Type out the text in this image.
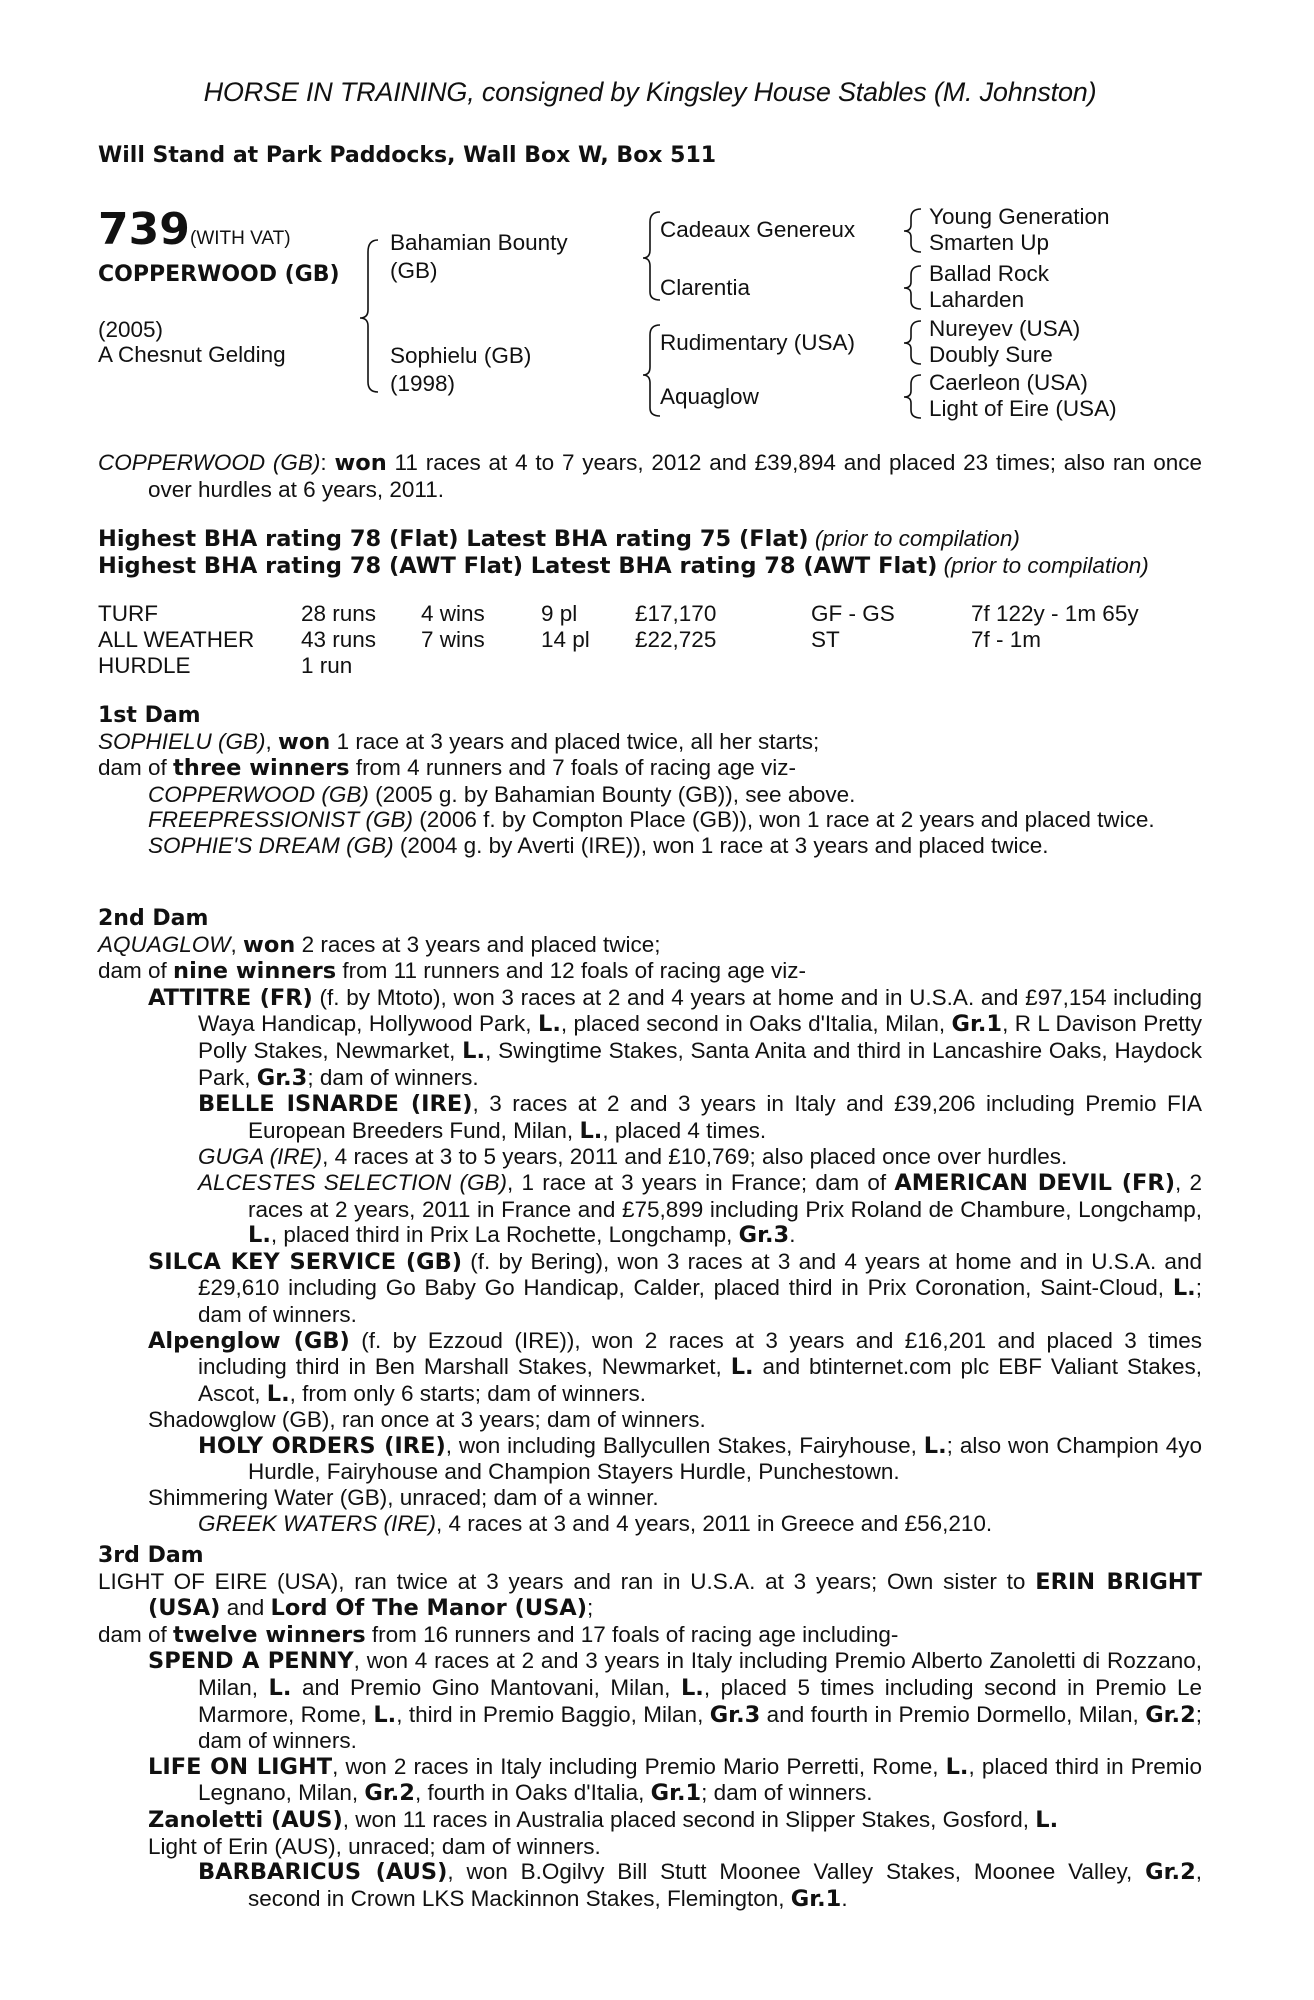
HORSE IN TRAINING, consigned by Kingsley House Stables (M. Johnston)
Will Stand at Park Paddocks, Wall Box W, Box 511
739 (WITH VAT)
COPPERWOOD (GB)
(2005)
A Chesnut Gelding
Bahamian Bounty
(GB)
Sophielu (GB)
(1998)
Cadeaux Genereux
Clarentia
Rudimentary (USA)
Aquaglow
Young Generation
Smarten Up
Ballad Rock
Laharden
Nureyev (USA)
Doubly Sure
Caerleon (USA)
Light of Eire (USA)

COPPERWOOD (GB): won 11 races at 4 to 7 years, 2012 and £39,894 and placed 23 times; also ran once over hurdles at 6 years, 2011.

Highest BHA rating 78 (Flat) Latest BHA rating 75 (Flat) (prior to compilation)

Highest BHA rating 78 (AWT Flat) Latest BHA rating 78 (AWT Flat) (prior to compilation)

TURF	28 runs 4 wins 9 pl	£17,170	GF - GS	7f 122y - 1m 65y
ALL WEATHER 43 runs 7 wins 14 pl £22,725	ST	7f - 1m
HURDLE	1 run
1st Dam

SOPHIELU (GB), won 1 race at 3 years and placed twice, all her starts;

dam of three winners from 4 runners and 7 foals of racing age viz-

COPPERWOOD (GB) (2005 g. by Bahamian Bounty (GB)), see above.

FREEPRESSIONIST (GB) (2006 f. by Compton Place (GB)), won 1 race at 2 years and placed twice.

SOPHIE'S DREAM (GB) (2004 g. by Averti (IRE)), won 1 race at 3 years and placed twice.

2nd Dam

AQUAGLOW, won 2 races at 3 years and placed twice;

dam of nine winners from 11 runners and 12 foals of racing age viz-

ATTITRE (FR) (f. by Mtoto), won 3 races at 2 and 4 years at home and in U.S.A. and £97,154 including Waya Handicap, Hollywood Park, L., placed second in Oaks d'Italia, Milan, Gr.1, R L Davison Pretty Polly Stakes, Newmarket, L., Swingtime Stakes, Santa Anita and third in Lancashire Oaks, Haydock Park, Gr.3; dam of winners.

BELLE ISNARDE (IRE), 3 races at 2 and 3 years in Italy and £39,206 including Premio FIA European Breeders Fund, Milan, L., placed 4 times.

GUGA (IRE), 4 races at 3 to 5 years, 2011 and £10,769; also placed once over hurdles.

ALCESTES SELECTION (GB), 1 race at 3 years in France; dam of AMERICAN DEVIL (FR), 2 races at 2 years, 2011 in France and £75,899 including Prix Roland de Chambure, Longchamp, L., placed third in Prix La Rochette, Longchamp, Gr.3.

SILCA KEY SERVICE (GB) (f. by Bering), won 3 races at 3 and 4 years at home and in U.S.A. and £29,610 including Go Baby Go Handicap, Calder, placed third in Prix Coronation, Saint-Cloud, L.; dam of winners.

Alpenglow (GB) (f. by Ezzoud (IRE)), won 2 races at 3 years and £16,201 and placed 3 times including third in Ben Marshall Stakes, Newmarket, L. and btinternet.com plc EBF Valiant Stakes, Ascot, L., from only 6 starts; dam of winners.

Shadowglow (GB), ran once at 3 years; dam of winners.

HOLY ORDERS (IRE), won including Ballycullen Stakes, Fairyhouse, L.; also won Champion 4yo Hurdle, Fairyhouse and Champion Stayers Hurdle, Punchestown.

Shimmering Water (GB), unraced; dam of a winner.

GREEK WATERS (IRE), 4 races at 3 and 4 years, 2011 in Greece and £56,210.

3rd Dam

LIGHT OF EIRE (USA), ran twice at 3 years and ran in U.S.A. at 3 years; Own sister to ERIN BRIGHT (USA) and Lord Of The Manor (USA);

dam of twelve winners from 16 runners and 17 foals of racing age including-

SPEND A PENNY, won 4 races at 2 and 3 years in Italy including Premio Alberto Zanoletti di Rozzano, Milan, L. and Premio Gino Mantovani, Milan, L., placed 5 times including second in Premio Le Marmore, Rome, L., third in Premio Baggio, Milan, Gr.3 and fourth in Premio Dormello, Milan, Gr.2; dam of winners.

LIFE ON LIGHT, won 2 races in Italy including Premio Mario Perretti, Rome, L., placed third in Premio Legnano, Milan, Gr.2, fourth in Oaks d'Italia, Gr.1; dam of winners.

Zanoletti (AUS), won 11 races in Australia placed second in Slipper Stakes, Gosford, L.

Light of Erin (AUS), unraced; dam of winners.

BARBARICUS (AUS), won B.Ogilvy Bill Stutt Moonee Valley Stakes, Moonee Valley, Gr.2, second in Crown LKS Mackinnon Stakes, Flemington, Gr.1.
